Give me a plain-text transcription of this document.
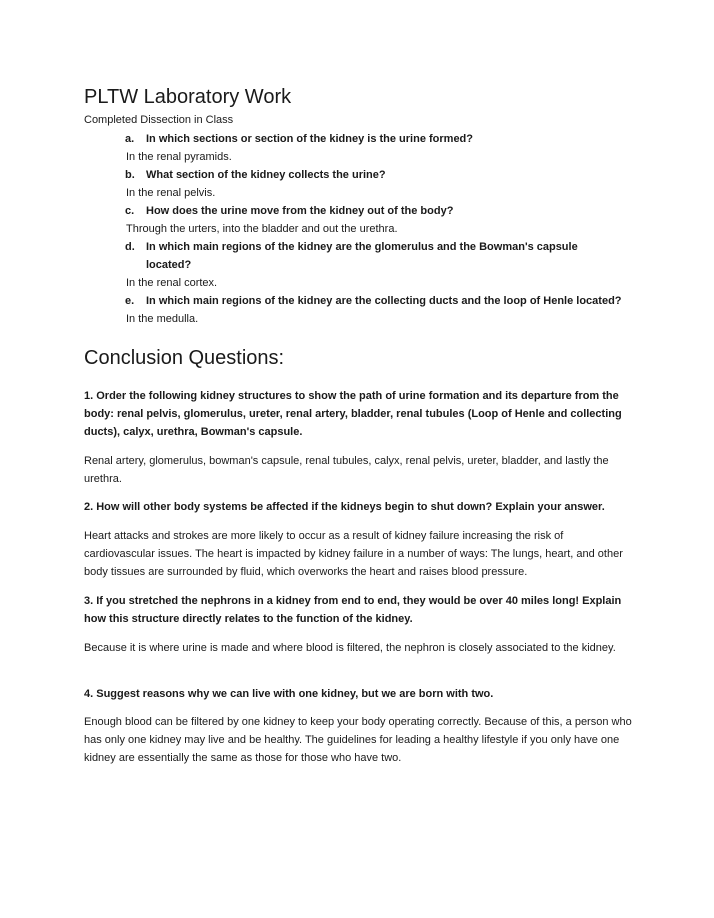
PLTW Laboratory Work
Completed Dissection in Class
a. In which sections or section of the kidney is the urine formed?
In the renal pyramids.
b. What section of the kidney collects the urine?
In the renal pelvis.
c. How does the urine move from the kidney out of the body?
Through the urters, into the bladder and out the urethra.
d. In which main regions of the kidney are the glomerulus and the Bowman's capsule located?
In the renal cortex.
e. In which main regions of the kidney are the collecting ducts and the loop of Henle located?
In the medulla.
Conclusion Questions:

1. Order the following kidney structures to show the path of urine formation and its departure from the body: renal pelvis, glomerulus, ureter, renal artery, bladder, renal tubules (Loop of Henle and collecting ducts), calyx, urethra, Bowman's capsule.

Renal artery, glomerulus, bowman's capsule, renal tubules, calyx, renal pelvis, ureter, bladder, and lastly the urethra.

2. How will other body systems be affected if the kidneys begin to shut down? Explain your answer.

Heart attacks and strokes are more likely to occur as a result of kidney failure increasing the risk of cardiovascular issues. The heart is impacted by kidney failure in a number of ways: The lungs, heart, and other body tissues are surrounded by fluid, which overworks the heart and raises blood pressure.

3. If you stretched the nephrons in a kidney from end to end, they would be over 40 miles long! Explain how this structure directly relates to the function of the kidney.

Because it is where urine is made and where blood is filtered, the nephron is closely associated to the kidney.

4. Suggest reasons why we can live with one kidney, but we are born with two.

Enough blood can be filtered by one kidney to keep your body operating correctly. Because of this, a person who has only one kidney may live and be healthy. The guidelines for leading a healthy lifestyle if you only have one kidney are essentially the same as those for those who have two.
